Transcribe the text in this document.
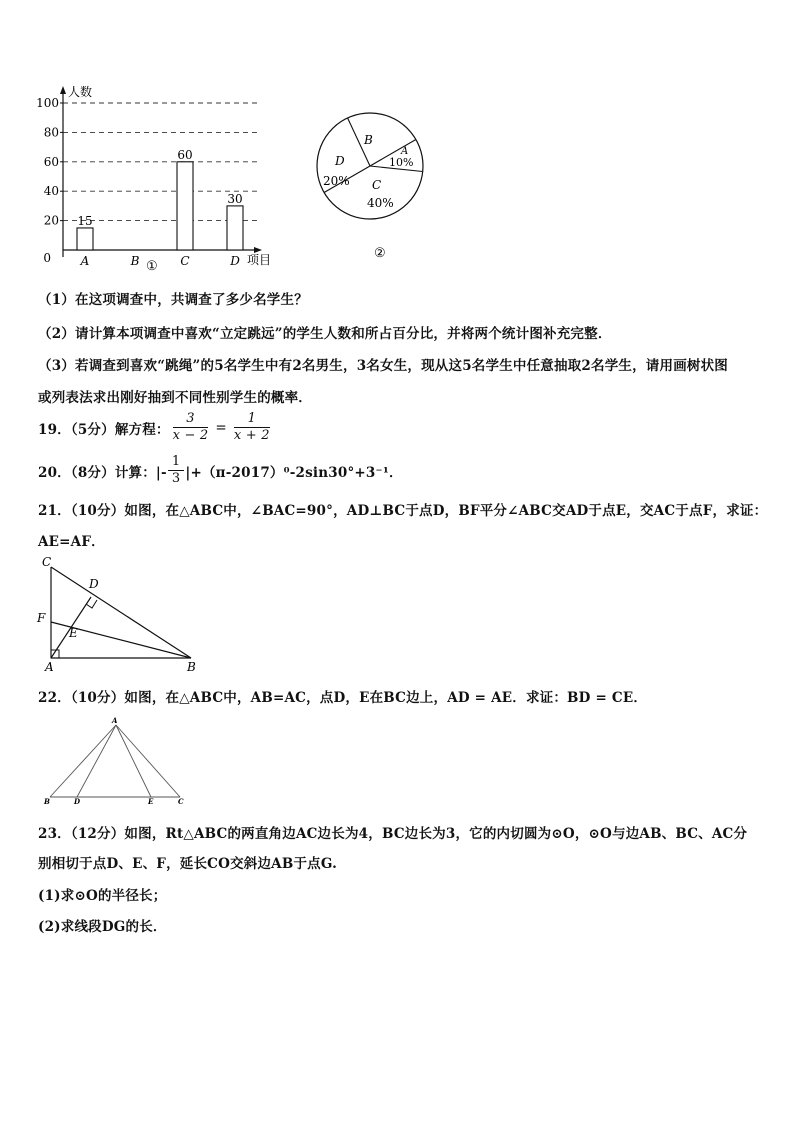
0
20
40
60
80
100
人数
项目
15
60
30
A	B	C	D
①
B
A
10%
D
20% C
40%
②
（1）在这项调查中，共调查了多少名学生？
（2）请计算本项调查中喜欢“立定跳远”的学生人数和所占百分比，并将两个统计图补充完整．
（3）若调查到喜欢“跳绳”的5名学生中有2名男生，3名女生，现从这5名学生中任意抽取2名学生，请用画树状图
或列表法求出刚好抽到不同性别学生的概率．
19．（5分）解方程： $\frac{3}{x - 2} = \frac{1}{x + 2}$
20．（8分）计算：|- $\frac{1}{3} |+(\pi-2017)^0-2\sin 30^\circ+3^{-1}$．
21．（10分）如图，在△ABC中，∠BAC=90°，AD⊥BC于点D，BF平分∠ABC交AD于点E，交AC于点F，求证：
AE=AF．
C
D
F
E
A	B
22．（10分）如图，在△ABC中，AB=AC，点D，E在BC边上，AD = AE．求证：BD = CE．
A
B	D	E	C
23．（12分）如图，Rt△ABC的两直角边AC边长为4，BC边长为3，它的内切圆为⊙O，⊙O与边AB、BC、AC分
别相切于点D、E、F，延长CO交斜边AB于点G.
(1)求⊙O的半径长；
(2)求线段DG的长．
